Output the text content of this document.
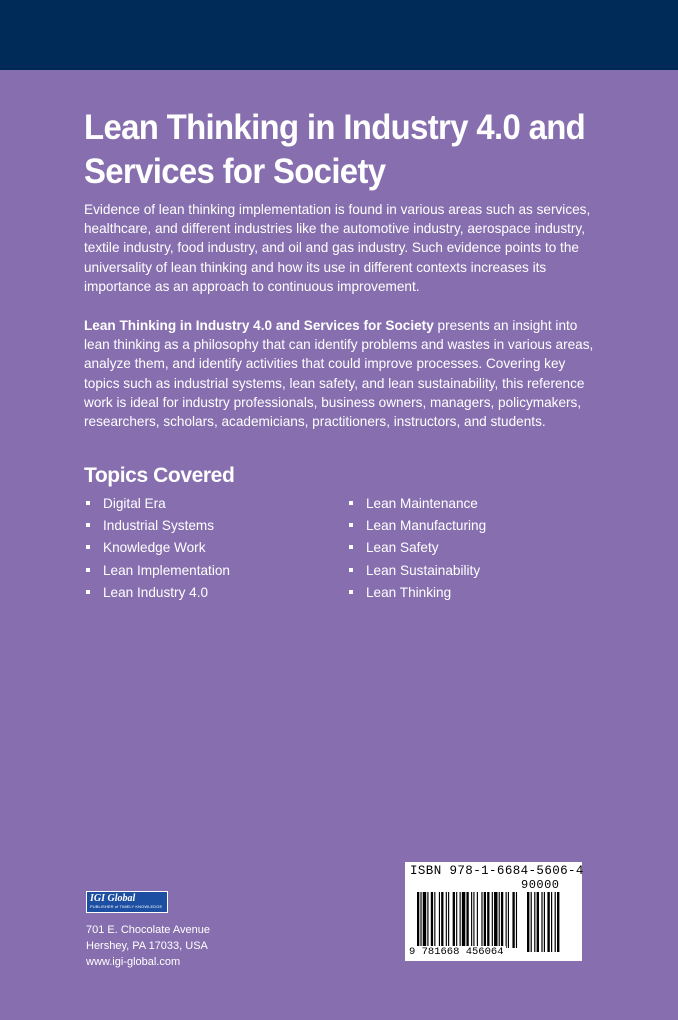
Lean Thinking in Industry 4.0 and Services for Society

Evidence of lean thinking implementation is found in various areas such as services, healthcare, and different industries like the automotive industry, aerospace industry, textile industry, food industry, and oil and gas industry. Such evidence points to the universality of lean thinking and how its use in different contexts increases its importance as an approach to continuous improvement.

Lean Thinking in Industry 4.0 and Services for Society presents an insight into lean thinking as a philosophy that can identify problems and wastes in various areas, analyze them, and identify activities that could improve processes. Covering key topics such as industrial systems, lean safety, and lean sustainability, this reference work is ideal for industry professionals, business owners, managers, policymakers, researchers, scholars, academicians, practitioners, instructors, and students.

Topics Covered
Digital Era
Industrial Systems
Knowledge Work
Lean Implementation
Lean Industry 4.0
Lean Maintenance
Lean Manufacturing
Lean Safety
Lean Sustainability
Lean Thinking
IGI Global
PUBLISHER of TIMELY KNOWLEDGE
701 E. Chocolate Avenue
Hershey, PA 17033, USA
www.igi-global.com
ISBN 978-1-6684-5606-4
90000
9 781668 456064
